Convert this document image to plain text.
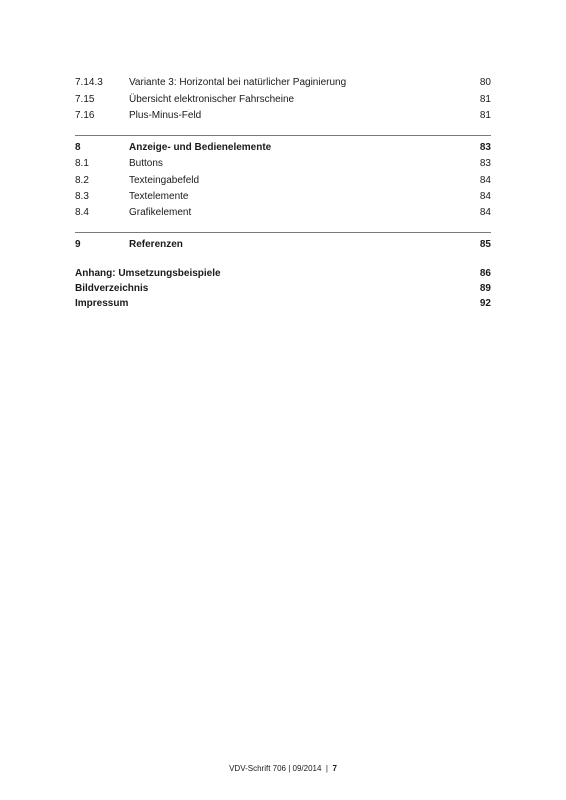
7.14.3	Variante 3: Horizontal bei natürlicher Paginierung	80
7.15	Übersicht elektronischer Fahrscheine	81
7.16	Plus-Minus-Feld	81
8	Anzeige- und Bedienelemente	83
8.1	Buttons	83
8.2	Texteingabefeld	84
8.3	Textelemente	84
8.4	Grafikelement	84
9	Referenzen	85
Anhang: Umsetzungsbeispiele	86
Bildverzeichnis	89
Impressum	92
VDV-Schrift 706 | 09/2014 | 7
